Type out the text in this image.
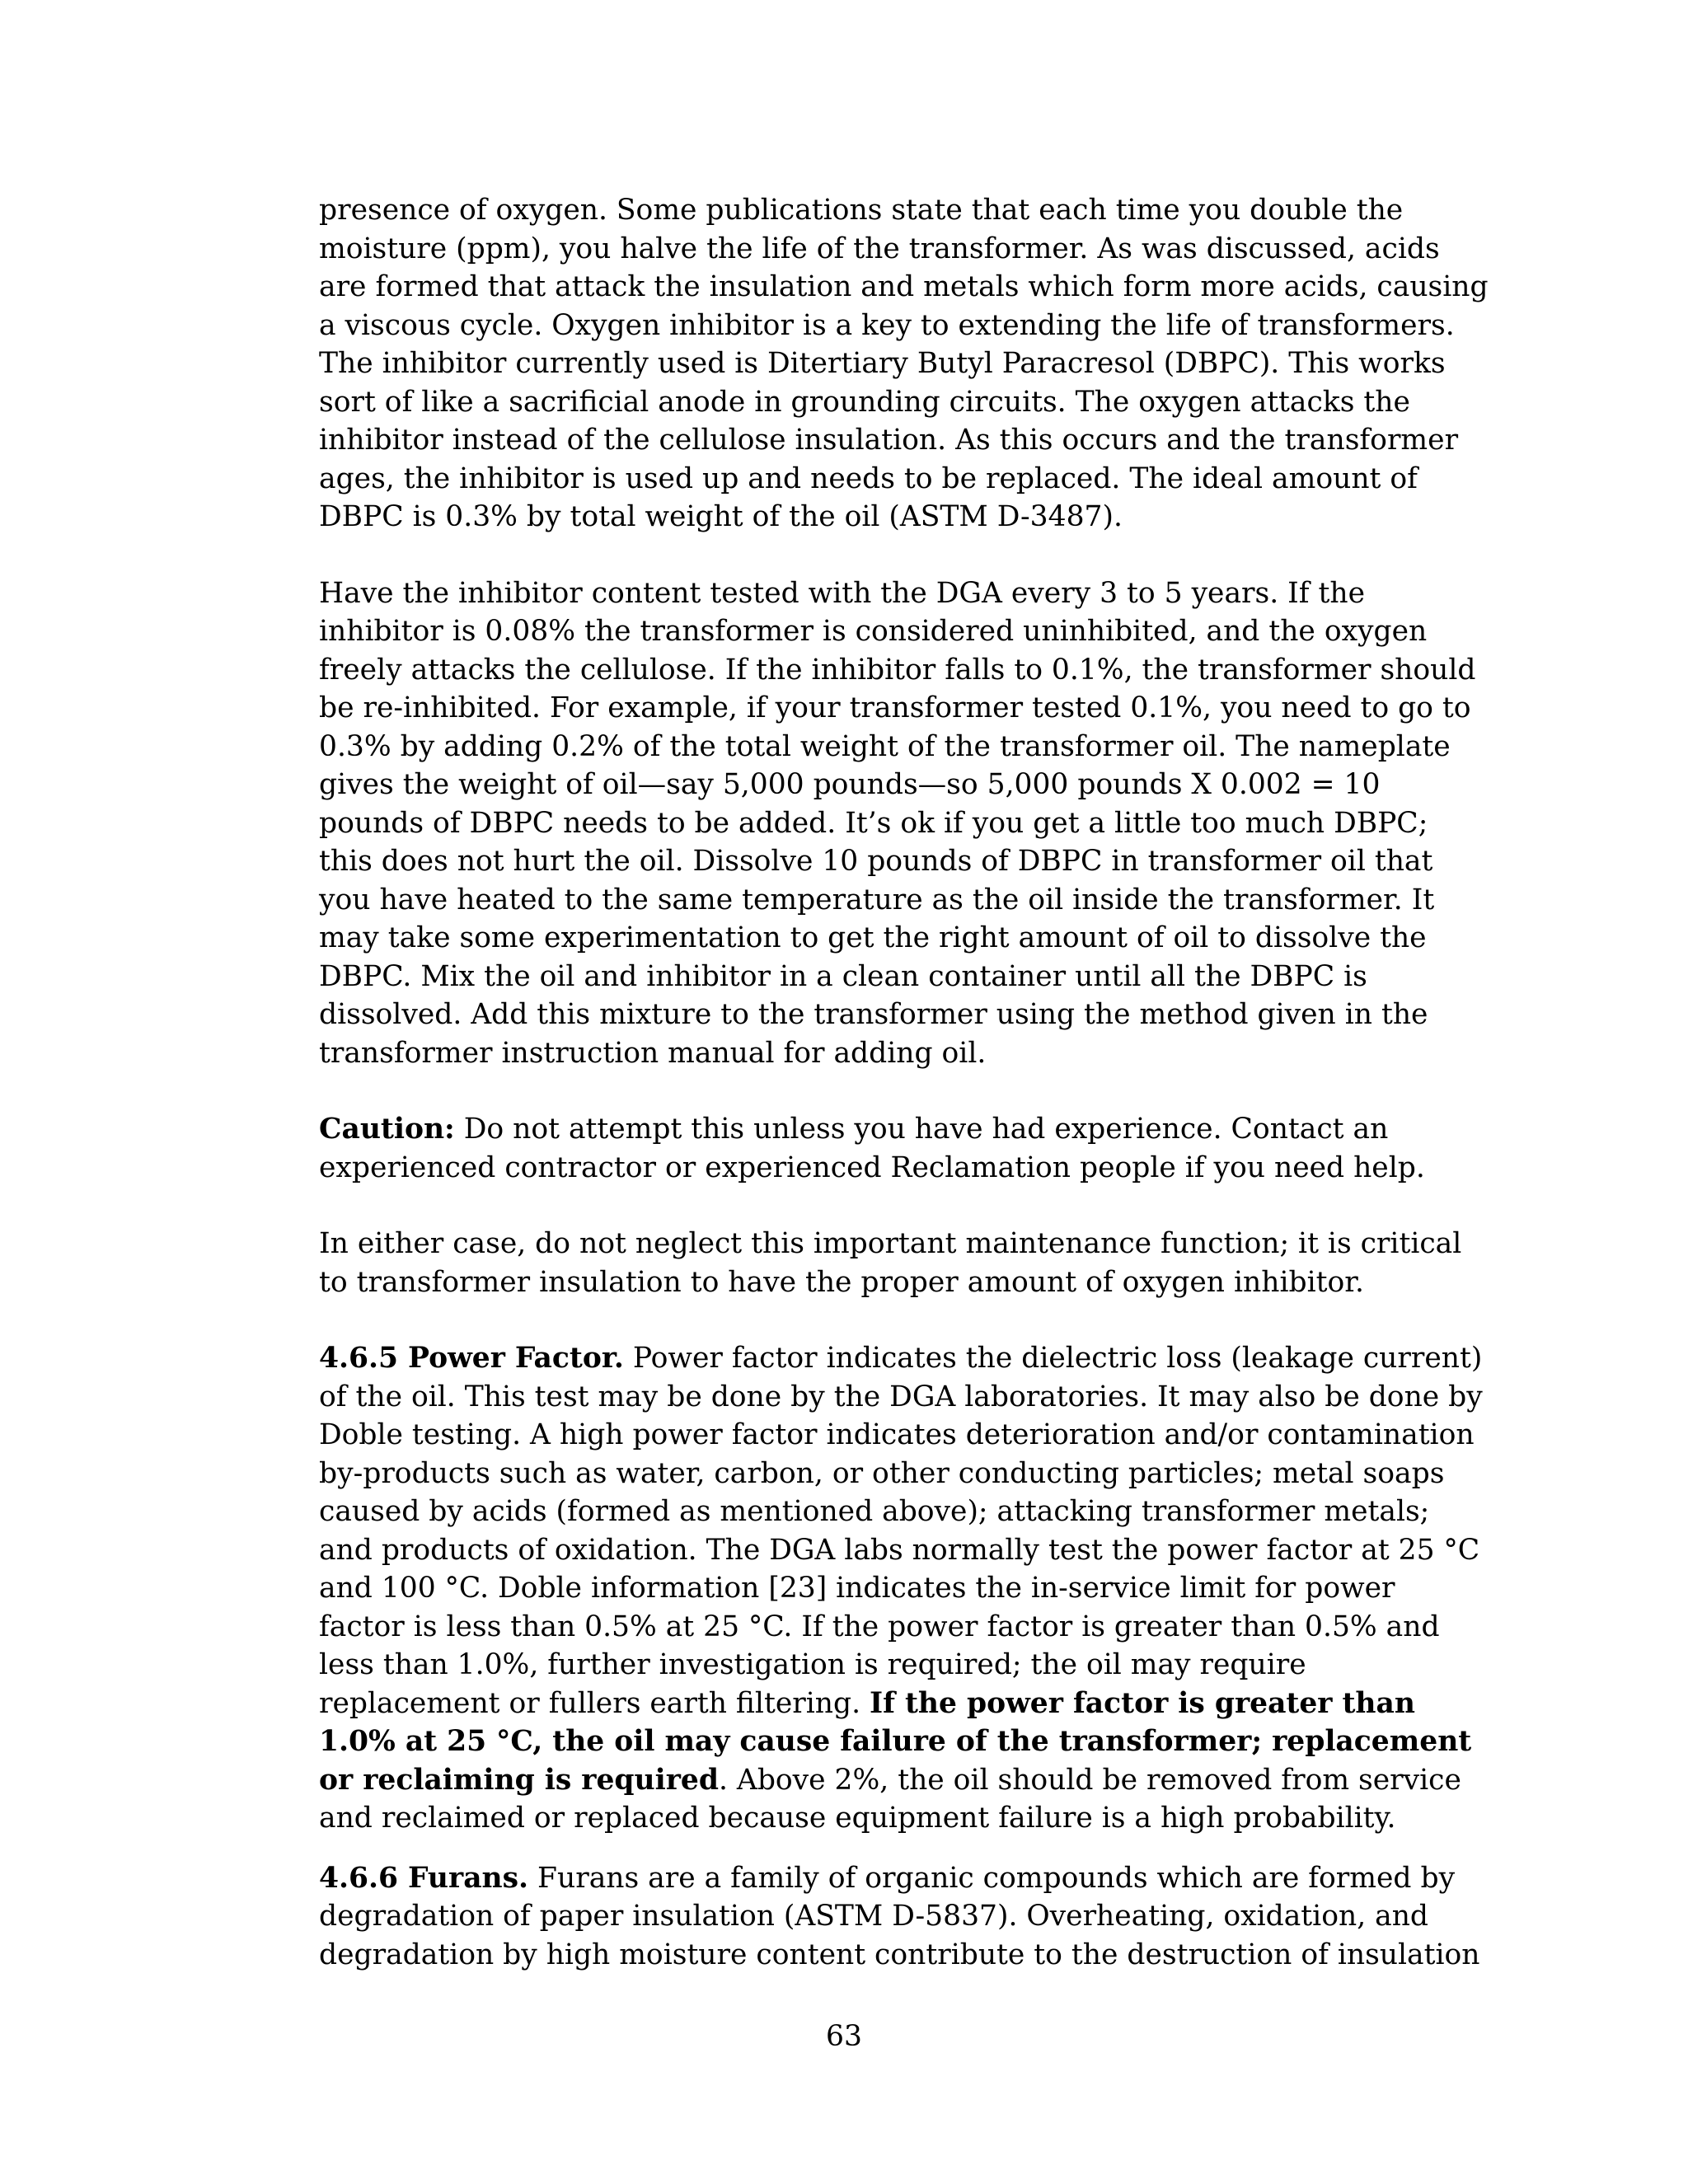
presence of oxygen. Some publications state that each time you double the moisture (ppm), you halve the life of the transformer. As was discussed, acids are formed that attack the insulation and metals which form more acids, causing a viscous cycle. Oxygen inhibitor is a key to extending the life of transformers. The inhibitor currently used is Ditertiary Butyl Paracresol (DBPC). This works sort of like a sacrificial anode in grounding circuits. The oxygen attacks the inhibitor instead of the cellulose insulation. As this occurs and the transformer ages, the inhibitor is used up and needs to be replaced. The ideal amount of DBPC is 0.3% by total weight of the oil (ASTM D-3487).

Have the inhibitor content tested with the DGA every 3 to 5 years. If the inhibitor is 0.08% the transformer is considered uninhibited, and the oxygen freely attacks the cellulose. If the inhibitor falls to 0.1%, the transformer should be re-inhibited. For example, if your transformer tested 0.1%, you need to go to 0.3% by adding 0.2% of the total weight of the transformer oil. The nameplate gives the weight of oil—say 5,000 pounds—so 5,000 pounds X 0.002 = 10 pounds of DBPC needs to be added. It’s ok if you get a little too much DBPC; this does not hurt the oil. Dissolve 10 pounds of DBPC in transformer oil that you have heated to the same temperature as the oil inside the transformer. It may take some experimentation to get the right amount of oil to dissolve the DBPC. Mix the oil and inhibitor in a clean container until all the DBPC is dissolved. Add this mixture to the transformer using the method given in the transformer instruction manual for adding oil.

Caution: Do not attempt this unless you have had experience. Contact an experienced contractor or experienced Reclamation people if you need help.

In either case, do not neglect this important maintenance function; it is critical to transformer insulation to have the proper amount of oxygen inhibitor.

4.6.5 Power Factor. Power factor indicates the dielectric loss (leakage current) of the oil. This test may be done by the DGA laboratories. It may also be done by Doble testing. A high power factor indicates deterioration and/or contamination by-products such as water, carbon, or other conducting particles; metal soaps caused by acids (formed as mentioned above); attacking transformer metals; and products of oxidation. The DGA labs normally test the power factor at 25 °C and 100 °C. Doble information [23] indicates the in-service limit for power factor is less than 0.5% at 25 °C. If the power factor is greater than 0.5% and less than 1.0%, further investigation is required; the oil may require replacement or fullers earth filtering. If the power factor is greater than 1.0% at 25 °C, the oil may cause failure of the transformer; replacement or reclaiming is required. Above 2%, the oil should be removed from service and reclaimed or replaced because equipment failure is a high probability.

4.6.6 Furans. Furans are a family of organic compounds which are formed by degradation of paper insulation (ASTM D-5837). Overheating, oxidation, and degradation by high moisture content contribute to the destruction of insulation

63
